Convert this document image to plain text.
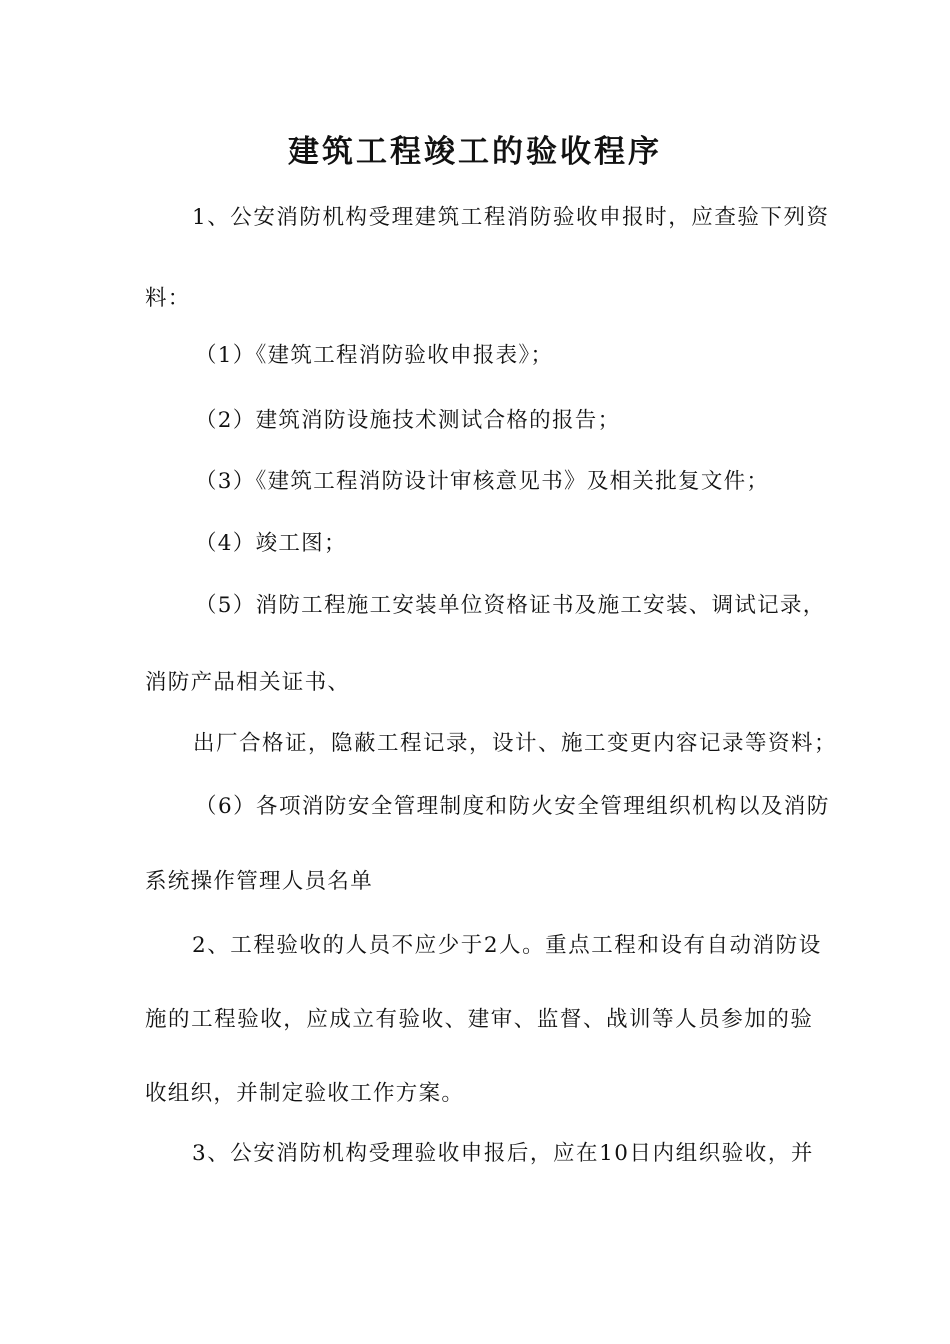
建筑工程竣工的验收程序
1、公安消防机构受理建筑工程消防验收申报时，应查验下列资
料：
（1）《建筑工程消防验收申报表》；
（2）建筑消防设施技术测试合格的报告；
（3）《建筑工程消防设计审核意见书》及相关批复文件；
（4）竣工图；
（5）消防工程施工安装单位资格证书及施工安装、调试记录，
消防产品相关证书、
出厂合格证，隐蔽工程记录，设计、施工变更内容记录等资料；
（6）各项消防安全管理制度和防火安全管理组织机构以及消防
系统操作管理人员名单
2、工程验收的人员不应少于2人。重点工程和设有自动消防设
施的工程验收，应成立有验收、建审、监督、战训等人员参加的验
收组织，并制定验收工作方案。
3、公安消防机构受理验收申报后，应在10日内组织验收，并
